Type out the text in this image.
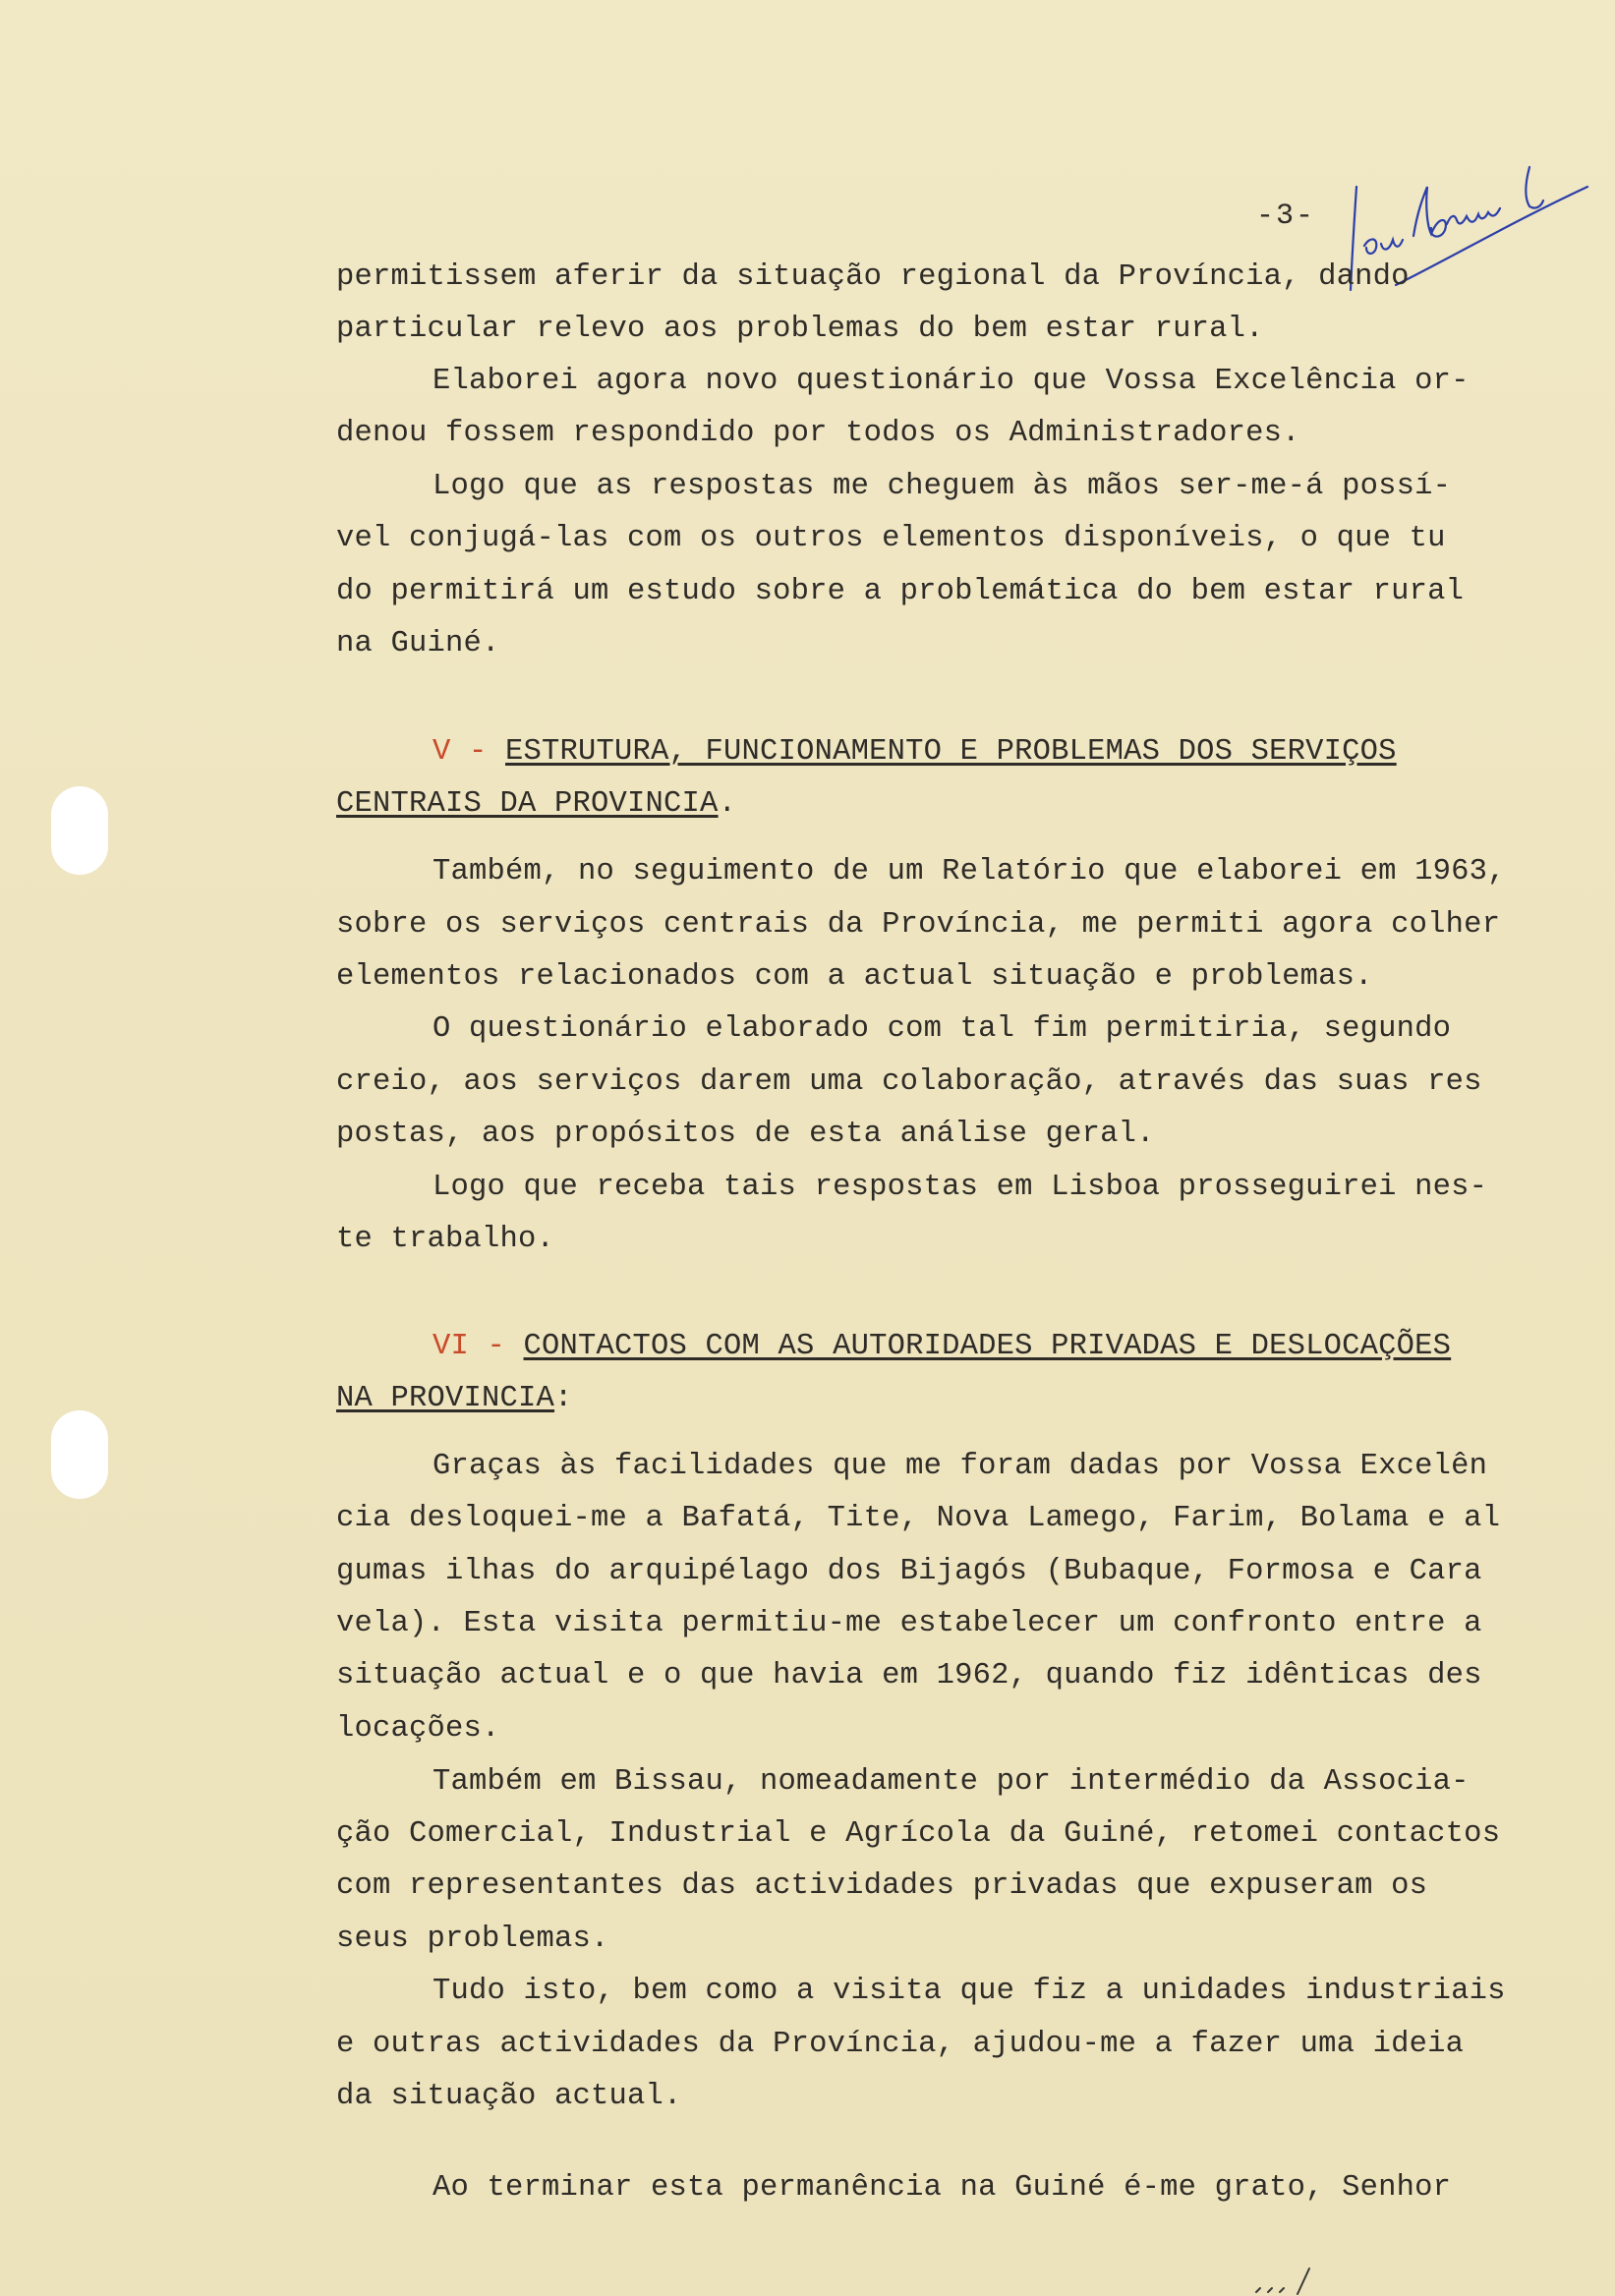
-3-
permitissem aferir da situação regional da Província, dando
particular relevo aos problemas do bem estar rural.
Elaborei agora novo questionário que Vossa Excelência or-
denou fossem respondido por todos os Administradores.
Logo que as respostas me cheguem às mãos ser-me-á possí-
vel conjugá-las com os outros elementos disponíveis, o que tu
do permitirá um estudo sobre a problemática do bem estar rural
na Guiné.
Também, no seguimento de um Relatório que elaborei em 1963,
sobre os serviços centrais da Província, me permiti agora colher
elementos relacionados com a actual situação e problemas.
O questionário elaborado com tal fim permitiria, segundo
creio, aos serviços darem uma colaboração, através das suas res
postas, aos propósitos de esta análise geral.
Logo que receba tais respostas em Lisboa prosseguirei nes-
te trabalho.
Graças às facilidades que me foram dadas por Vossa Excelên
cia desloquei-me a Bafatá, Tite, Nova Lamego, Farim, Bolama e al
gumas ilhas do arquipélago dos Bijagós (Bubaque, Formosa e Cara
vela). Esta visita permitiu-me estabelecer um confronto entre a
situação actual e o que havia em 1962, quando fiz idênticas des
locações.
Também em Bissau, nomeadamente por intermédio da Associa-
ção Comercial, Industrial e Agrícola da Guiné, retomei contactos
com representantes das actividades privadas que expuseram os
seus problemas.
Tudo isto, bem como a visita que fiz a unidades industriais
e outras actividades da Província, ajudou-me a fazer uma ideia
da situação actual.
Ao terminar esta permanência na Guiné é-me grato, Senhor
V - ESTRUTURA, FUNCIONAMENTO E PROBLEMAS DOS SERVIÇOS
CENTRAIS DA PROVINCIA.
VI - CONTACTOS COM AS AUTORIDADES PRIVADAS E DESLOCAÇÕES
NA PROVINCIA:
